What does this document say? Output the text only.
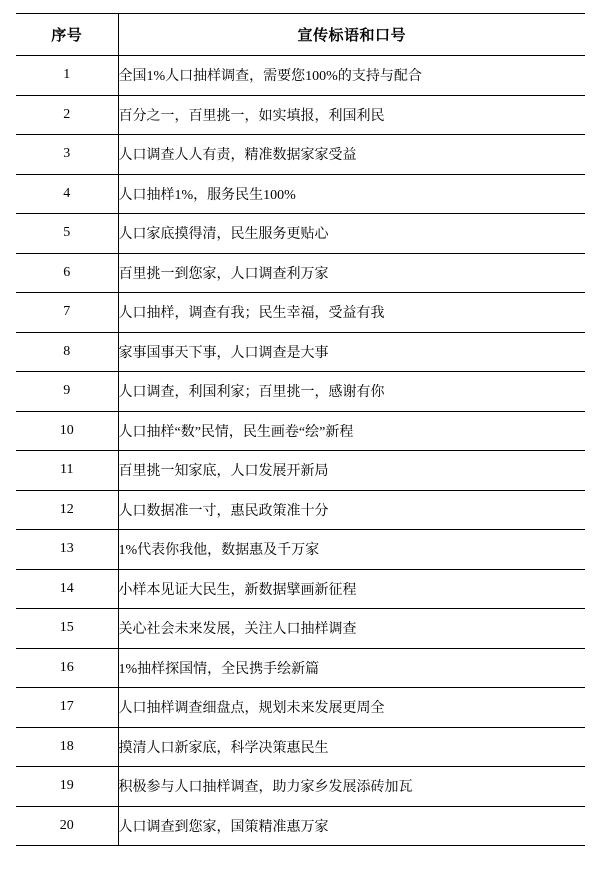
序号	宣传标语和口号
1	全国1%人口抽样调查，需要您100%的支持与配合
2	百分之一，百里挑一，如实填报，利国利民
3	人口调查人人有责，精准数据家家受益
4	人口抽样1%，服务民生100%
5	人口家底摸得清，民生服务更贴心
6	百里挑一到您家，人口调查利万家
7	人口抽样，调查有我；民生幸福，受益有我
8	家事国事天下事，人口调查是大事
9	人口调查，利国利家；百里挑一，感谢有你
10	人口抽样“数”民情，民生画卷“绘”新程
11	百里挑一知家底，人口发展开新局
12	人口数据准一寸，惠民政策准十分
13	1%代表你我他，数据惠及千万家
14	小样本见证大民生，新数据擘画新征程
15	关心社会未来发展，关注人口抽样调查
16	1%抽样探国情，全民携手绘新篇
17	人口抽样调查细盘点，规划未来发展更周全
18	摸清人口新家底，科学决策惠民生
19	积极参与人口抽样调查，助力家乡发展添砖加瓦
20	人口调查到您家，国策精准惠万家
